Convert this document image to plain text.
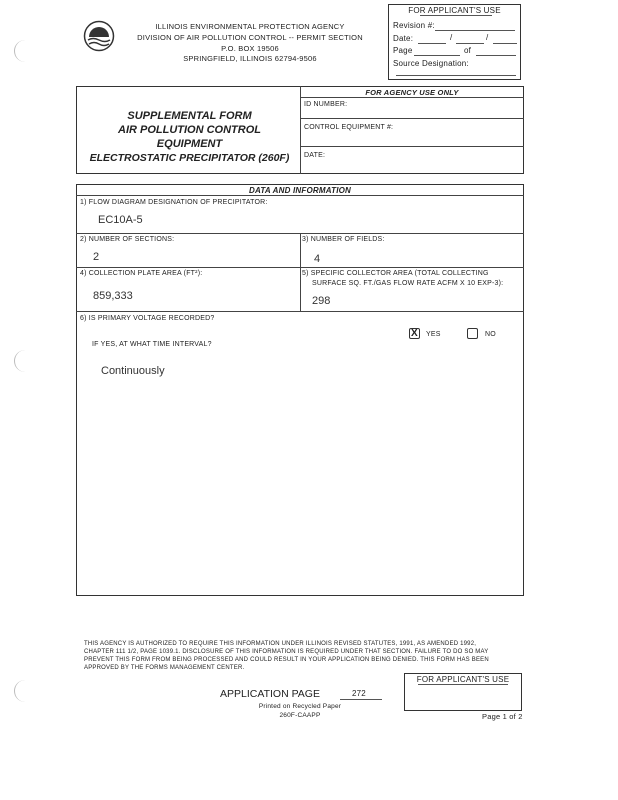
ILLINOIS ENVIRONMENTAL PROTECTION AGENCY
DIVISION OF AIR POLLUTION CONTROL -- PERMIT SECTION
P.O. BOX 19506
SPRINGFIELD, ILLINOIS 62794-9506
FOR APPLICANT'S USE
Revision #:
Date:	/	/
Page	of
Source Designation:
SUPPLEMENTAL FORM
AIR POLLUTION CONTROL
EQUIPMENT
ELECTROSTATIC PRECIPITATOR (260F)
FOR AGENCY USE ONLY
ID NUMBER:
CONTROL EQUIPMENT #:
DATE:
DATA AND INFORMATION
1) FLOW DIAGRAM DESIGNATION OF PRECIPITATOR:
EC10A-5
2) NUMBER OF SECTIONS:
2
3) NUMBER OF FIELDS:
4
4) COLLECTION PLATE AREA (FT²):
859,333
5) SPECIFIC COLLECTOR AREA (TOTAL COLLECTING
SURFACE SQ. FT./GAS FLOW RATE ACFM X 10 EXP-3):
298
6) IS PRIMARY VOLTAGE RECORDED?
X YES	NO
IF YES, AT WHAT TIME INTERVAL?
Continuously
THIS AGENCY IS AUTHORIZED TO REQUIRE THIS INFORMATION UNDER ILLINOIS REVISED STATUTES, 1991, AS AMENDED 1992,
CHAPTER 111 1/2, PAGE 1039.1. DISCLOSURE OF THIS INFORMATION IS REQUIRED UNDER THAT SECTION. FAILURE TO DO SO MAY
PREVENT THIS FORM FROM BEING PROCESSED AND COULD RESULT IN YOUR APPLICATION BEING DENIED. THIS FORM HAS BEEN
APPROVED BY THE FORMS MANAGEMENT CENTER.
FOR APPLICANT'S USE
APPLICATION PAGE	272
Printed on Recycled Paper
260F-CAAPP	Page 1 of 2
